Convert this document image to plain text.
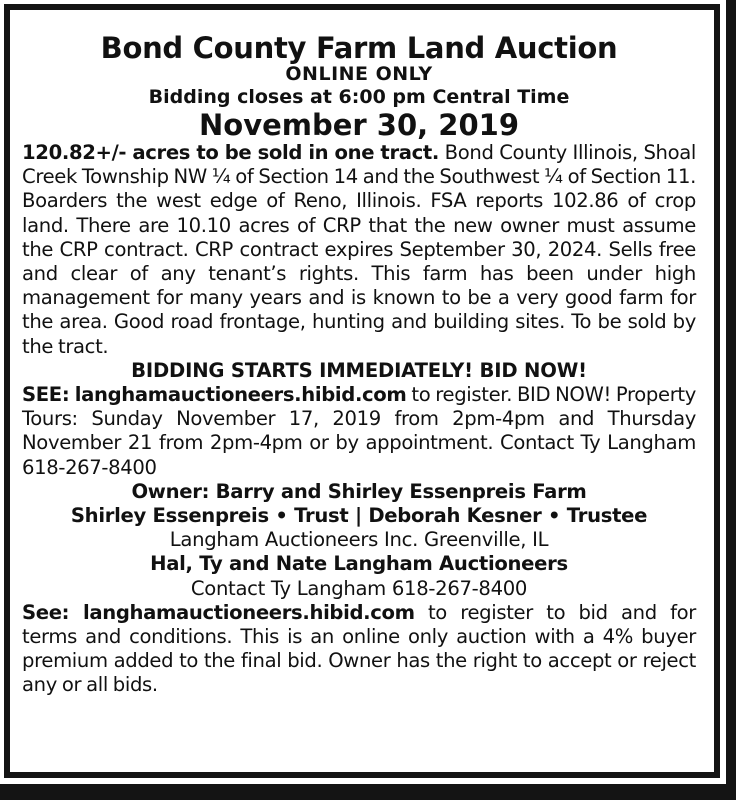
Bond County Farm Land Auction
ONLINE ONLY
Bidding closes at 6:00 pm Central Time
November 30, 2019
120.82+/- acres to be sold in one tract. Bond County Illinois, Shoal Creek Township NW ¼ of Section 14 and the Southwest ¼ of Section 11. Boarders the west edge of Reno, Illinois. FSA reports 102.86 of crop land. There are 10.10 acres of CRP that the new owner must assume the CRP contract. CRP contract expires September 30, 2024. Sells free and clear of any tenant’s rights. This farm has been under high management for many years and is known to be a very good farm for the area. Good road frontage, hunting and building sites. To be sold by the tract.
BIDDING STARTS IMMEDIATELY! BID NOW!
SEE: langhamauctioneers.hibid.com to register. BID NOW! Property Tours: Sunday November 17, 2019 from 2pm-4pm and Thursday November 21 from 2pm-4pm or by appointment. Contact Ty Langham 618-267-8400
Owner: Barry and Shirley Essenpreis Farm
Shirley Essenpreis • Trust | Deborah Kesner • Trustee
Langham Auctioneers Inc. Greenville, IL
Hal, Ty and Nate Langham Auctioneers
Contact Ty Langham 618-267-8400
See: langhamauctioneers.hibid.com to register to bid and for terms and conditions. This is an online only auction with a 4% buyer premium added to the final bid. Owner has the right to accept or reject any or all bids.
